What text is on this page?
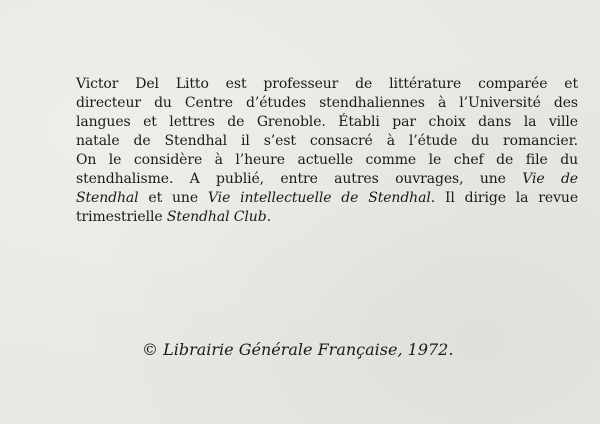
Victor Del Litto est professeur de littérature comparée et
directeur du Centre d’études stendhaliennes à l’Université des
langues et lettres de Grenoble. Établi par choix dans la ville
natale de Stendhal il s’est consacré à l’étude du romancier.
On le considère à l’heure actuelle comme le chef de file du
stendhalisme. A publié, entre autres ouvrages, une Vie de
Stendhal et une Vie intellectuelle de Stendhal. Il dirige la revue
trimestrielle Stendhal Club.
© Librairie Générale Française, 1972.
